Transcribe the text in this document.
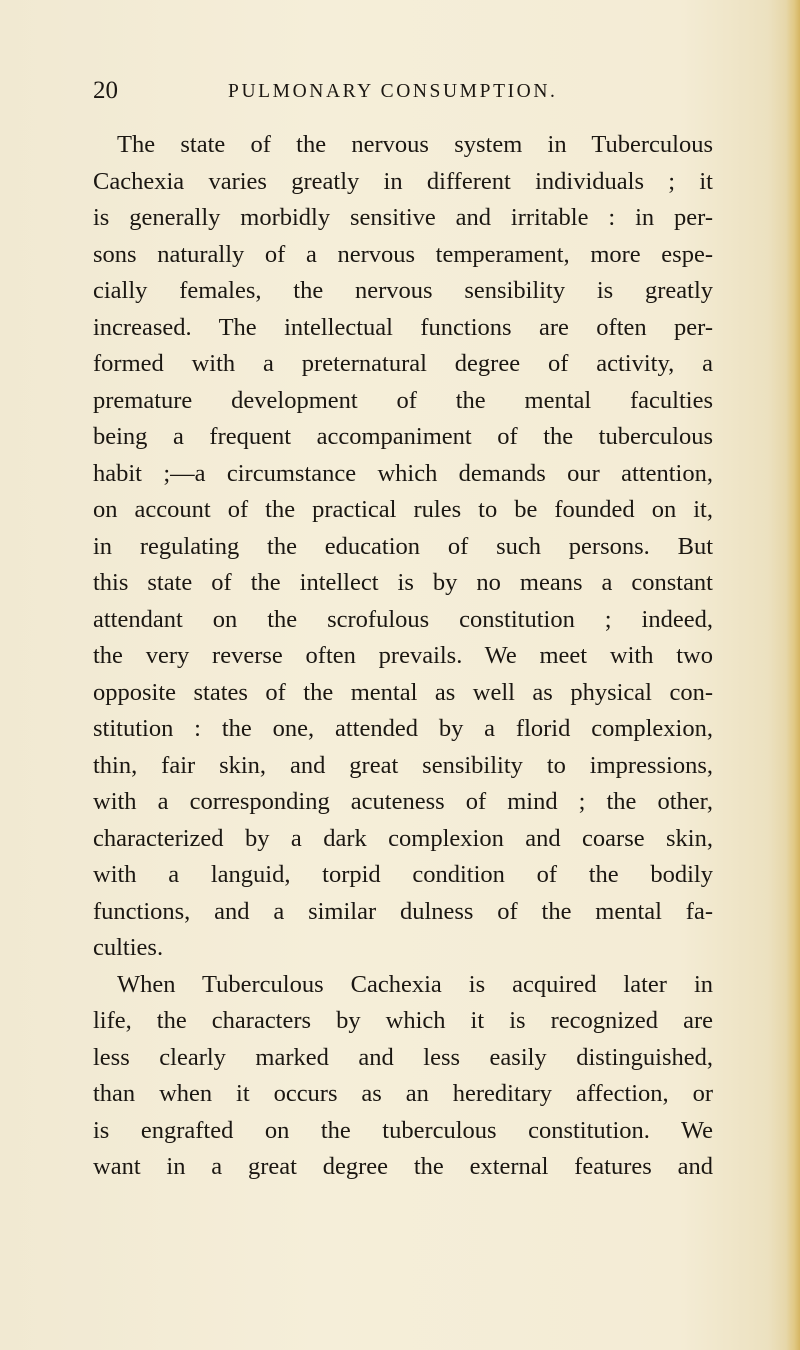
20	PULMONARY CONSUMPTION.
The state of the nervous system in Tuberculous
Cachexia varies greatly in different individuals ; it
is generally morbidly sensitive and irritable : in per-
sons naturally of a nervous temperament, more espe-
cially females, the nervous sensibility is greatly
increased. The intellectual functions are often per-
formed with a preternatural degree of activity, a
premature development of the mental faculties
being a frequent accompaniment of the tuberculous
habit ;—a circumstance which demands our attention,
on account of the practical rules to be founded on it,
in regulating the education of such persons. But
this state of the intellect is by no means a constant
attendant on the scrofulous constitution ; indeed,
the very reverse often prevails. We meet with two
opposite states of the mental as well as physical con-
stitution : the one, attended by a florid complexion,
thin, fair skin, and great sensibility to impressions,
with a corresponding acuteness of mind ; the other,
characterized by a dark complexion and coarse skin,
with a languid, torpid condition of the bodily
functions, and a similar dulness of the mental fa-
culties.
When Tuberculous Cachexia is acquired later in
life, the characters by which it is recognized are
less clearly marked and less easily distinguished,
than when it occurs as an hereditary affection, or
is engrafted on the tuberculous constitution. We
want in a great degree the external features and
